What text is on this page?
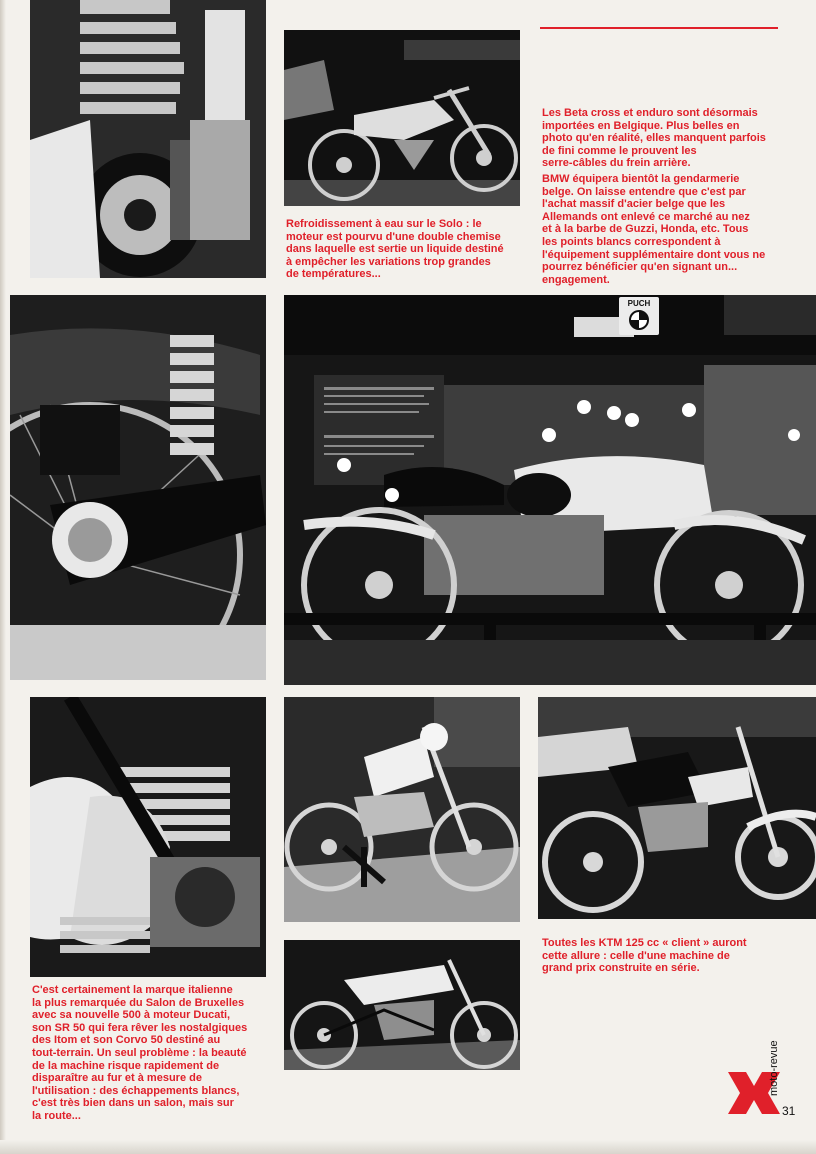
Les Beta cross et enduro sont désormais
importées en Belgique. Plus belles en
photo qu'en réalité, elles manquent parfois
de fini comme le prouvent les
serre-câbles du frein arrière.

BMW équipera bientôt la gendarmerie
belge. On laisse entendre que c'est par
l'achat massif d'acier belge que les
Allemands ont enlevé ce marché au nez
et à la barbe de Guzzi, Honda, etc. Tous
les points blancs correspondent à
l'équipement supplémentaire dont vous ne
pourrez bénéficier qu'en signant un...
engagement.

Refroidissement à eau sur le Solo : le
moteur est pourvu d'une double chemise
dans laquelle est sertie un liquide destiné
à empêcher les variations trop grandes
de températures...

PUCH

Toutes les KTM 125 cc « client » auront
cette allure : celle d'une machine de
grand prix construite en série.

C'est certainement la marque italienne
la plus remarquée du Salon de Bruxelles
avec sa nouvelle 500 à moteur Ducati,
son SR 50 qui fera rêver les nostalgiques
des Itom et son Corvo 50 destiné au
tout-terrain. Un seul problème : la beauté
de la machine risque rapidement de
disparaître au fur et à mesure de
l'utilisation : des échappements blancs,
c'est très bien dans un salon, mais sur
la route...

moto-revue
31
